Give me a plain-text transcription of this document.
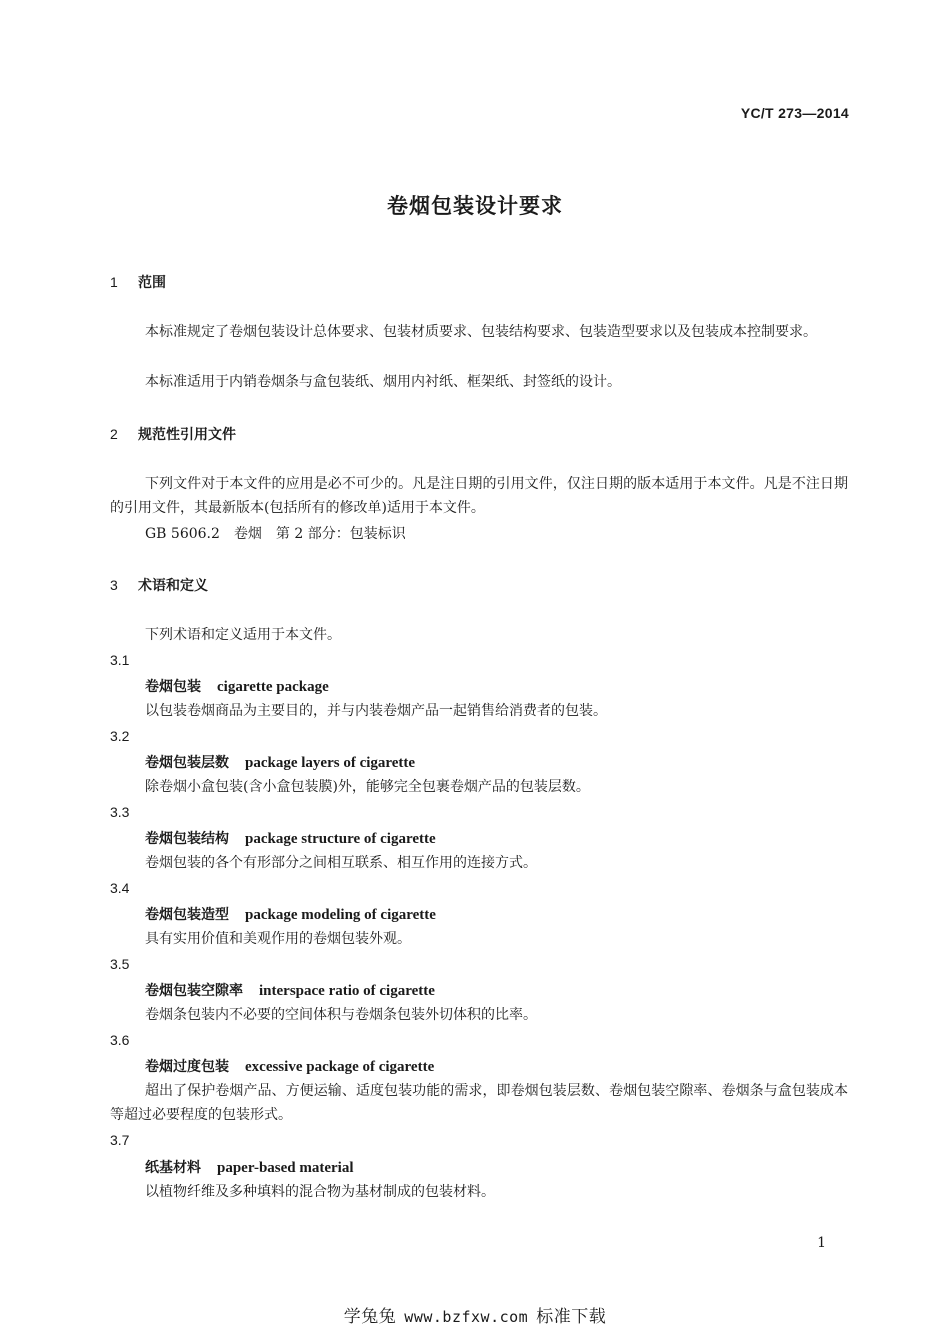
YC/T 273—2014
卷烟包装设计要求
1 范围
本标准规定了卷烟包装设计总体要求、包装材质要求、包装结构要求、包装造型要求以及包装成本控制要求。
本标准适用于内销卷烟条与盒包装纸、烟用内衬纸、框架纸、封签纸的设计。
2 规范性引用文件
下列文件对于本文件的应用是必不可少的。凡是注日期的引用文件，仅注日期的版本适用于本文件。凡是不注日期的引用文件，其最新版本(包括所有的修改单)适用于本文件。
GB 5606.2　卷烟　第 2 部分：包装标识
3 术语和定义
下列术语和定义适用于本文件。
3.1
卷烟包装 cigarette package
以包装卷烟商品为主要目的，并与内装卷烟产品一起销售给消费者的包装。
3.2
卷烟包装层数 package layers of cigarette
除卷烟小盒包装(含小盒包装膜)外，能够完全包裹卷烟产品的包装层数。
3.3
卷烟包装结构 package structure of cigarette
卷烟包装的各个有形部分之间相互联系、相互作用的连接方式。
3.4
卷烟包装造型 package modeling of cigarette
具有实用价值和美观作用的卷烟包装外观。
3.5
卷烟包装空隙率 interspace ratio of cigarette
卷烟条包装内不必要的空间体积与卷烟条包装外切体积的比率。
3.6
卷烟过度包装 excessive package of cigarette
超出了保护卷烟产品、方便运输、适度包装功能的需求，即卷烟包装层数、卷烟包装空隙率、卷烟条与盒包装成本等超过必要程度的包装形式。
3.7
纸基材料 paper-based material
以植物纤维及多种填料的混合物为基材制成的包装材料。
1
学兔兔 www.bzfxw.com 标准下载
